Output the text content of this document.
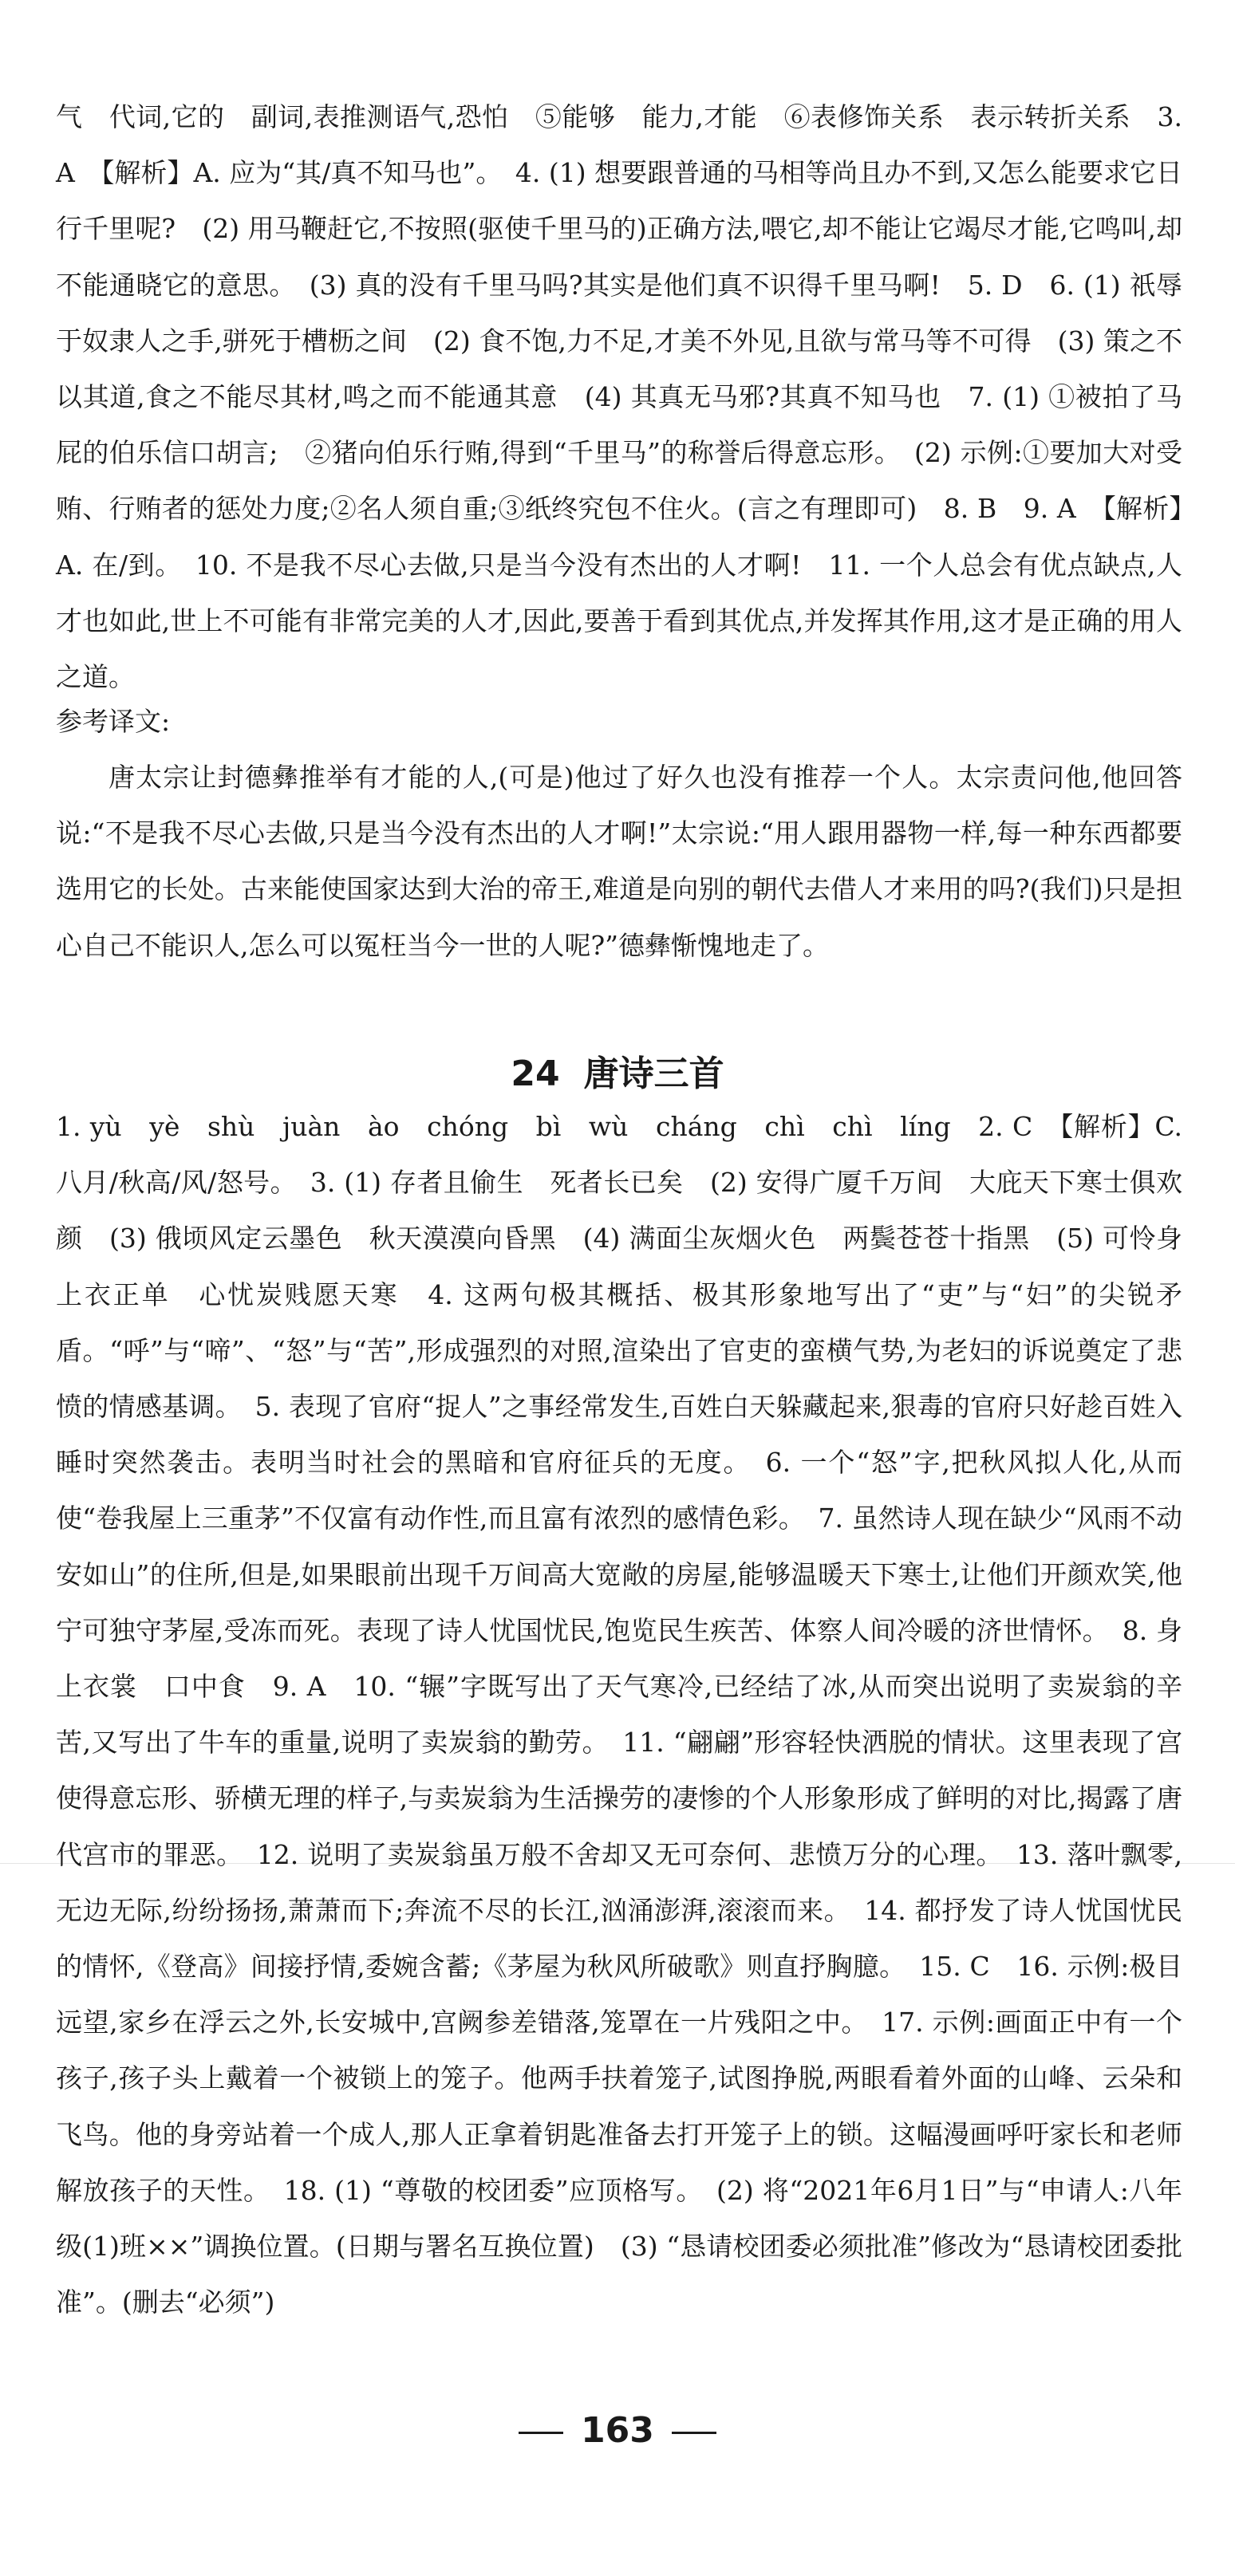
气　代词,它的　副词,表推测语气,恐怕　⑤能够　能力,才能　⑥表修饰关系　表示转折关系　3. A　【解析】A. 应为“其/真不知马也”。　4. (1) 想要跟普通的马相等尚且办不到,又怎么能要求它日行千里呢?　(2) 用马鞭赶它,不按照(驱使千里马的)正确方法,喂它,却不能让它竭尽才能,它鸣叫,却不能通晓它的意思。　(3) 真的没有千里马吗?其实是他们真不识得千里马啊!　5. D　6. (1) 祇辱于奴隶人之手,骈死于槽枥之间　(2) 食不饱,力不足,才美不外见,且欲与常马等不可得　(3) 策之不以其道,食之不能尽其材,鸣之而不能通其意　(4) 其真无马邪?其真不知马也　7. (1) ①被拍了马屁的伯乐信口胡言;　②猪向伯乐行贿,得到“千里马”的称誉后得意忘形。　(2) 示例:①要加大对受贿、行贿者的惩处力度;②名人须自重;③纸终究包不住火。(言之有理即可)　8. B　9. A　【解析】A. 在/到。　10. 不是我不尽心去做,只是当今没有杰出的人才啊!　11. 一个人总会有优点缺点,人才也如此,世上不可能有非常完美的人才,因此,要善于看到其优点,并发挥其作用,这才是正确的用人之道。

参考译文:

唐太宗让封德彝推举有才能的人,(可是)他过了好久也没有推荐一个人。太宗责问他,他回答说:“不是我不尽心去做,只是当今没有杰出的人才啊!”太宗说:“用人跟用器物一样,每一种东西都要选用它的长处。古来能使国家达到大治的帝王,难道是向别的朝代去借人才来用的吗?(我们)只是担心自己不能识人,怎么可以冤枉当今一世的人呢?”德彝惭愧地走了。

24 唐诗三首

1. yù　yè　shù　juàn　ào　chóng　bì　wù　cháng　chì　chì　líng　2. C　【解析】C. 八月/秋高/风/怒号。　3. (1) 存者且偷生　死者长已矣　(2) 安得广厦千万间　大庇天下寒士俱欢颜　(3) 俄顷风定云墨色　秋天漠漠向昏黑　(4) 满面尘灰烟火色　两鬓苍苍十指黑　(5) 可怜身上衣正单　心忧炭贱愿天寒　4. 这两句极其概括、极其形象地写出了“吏”与“妇”的尖锐矛盾。“呼”与“啼”、“怒”与“苦”,形成强烈的对照,渲染出了官吏的蛮横气势,为老妇的诉说奠定了悲愤的情感基调。　5. 表现了官府“捉人”之事经常发生,百姓白天躲藏起来,狠毒的官府只好趁百姓入睡时突然袭击。表明当时社会的黑暗和官府征兵的无度。　6. 一个“怒”字,把秋风拟人化,从而使“卷我屋上三重茅”不仅富有动作性,而且富有浓烈的感情色彩。　7. 虽然诗人现在缺少“风雨不动安如山”的住所,但是,如果眼前出现千万间高大宽敞的房屋,能够温暖天下寒士,让他们开颜欢笑,他宁可独守茅屋,受冻而死。表现了诗人忧国忧民,饱览民生疾苦、体察人间冷暖的济世情怀。　8. 身上衣裳　口中食　9. A　10. “辗”字既写出了天气寒冷,已经结了冰,从而突出说明了卖炭翁的辛苦,又写出了牛车的重量,说明了卖炭翁的勤劳。　11. “翩翩”形容轻快洒脱的情状。这里表现了宫使得意忘形、骄横无理的样子,与卖炭翁为生活操劳的凄惨的个人形象形成了鲜明的对比,揭露了唐代宫市的罪恶。　12. 说明了卖炭翁虽万般不舍却又无可奈何、悲愤万分的心理。　13. 落叶飘零,无边无际,纷纷扬扬,萧萧而下;奔流不尽的长江,汹涌澎湃,滚滚而来。　14. 都抒发了诗人忧国忧民的情怀,《登高》间接抒情,委婉含蓄;《茅屋为秋风所破歌》则直抒胸臆。　15. C　16. 示例:极目远望,家乡在浮云之外,长安城中,宫阙参差错落,笼罩在一片残阳之中。　17. 示例:画面正中有一个孩子,孩子头上戴着一个被锁上的笼子。他两手扶着笼子,试图挣脱,两眼看着外面的山峰、云朵和飞鸟。他的身旁站着一个成人,那人正拿着钥匙准备去打开笼子上的锁。这幅漫画呼吁家长和老师解放孩子的天性。　18. (1) “尊敬的校团委”应顶格写。　(2) 将“2021年6月1日”与“申请人:八年级(1)班××”调换位置。(日期与署名互换位置)　(3) “恳请校团委必须批准”修改为“恳请校团委批准”。(删去“必须”)

163
